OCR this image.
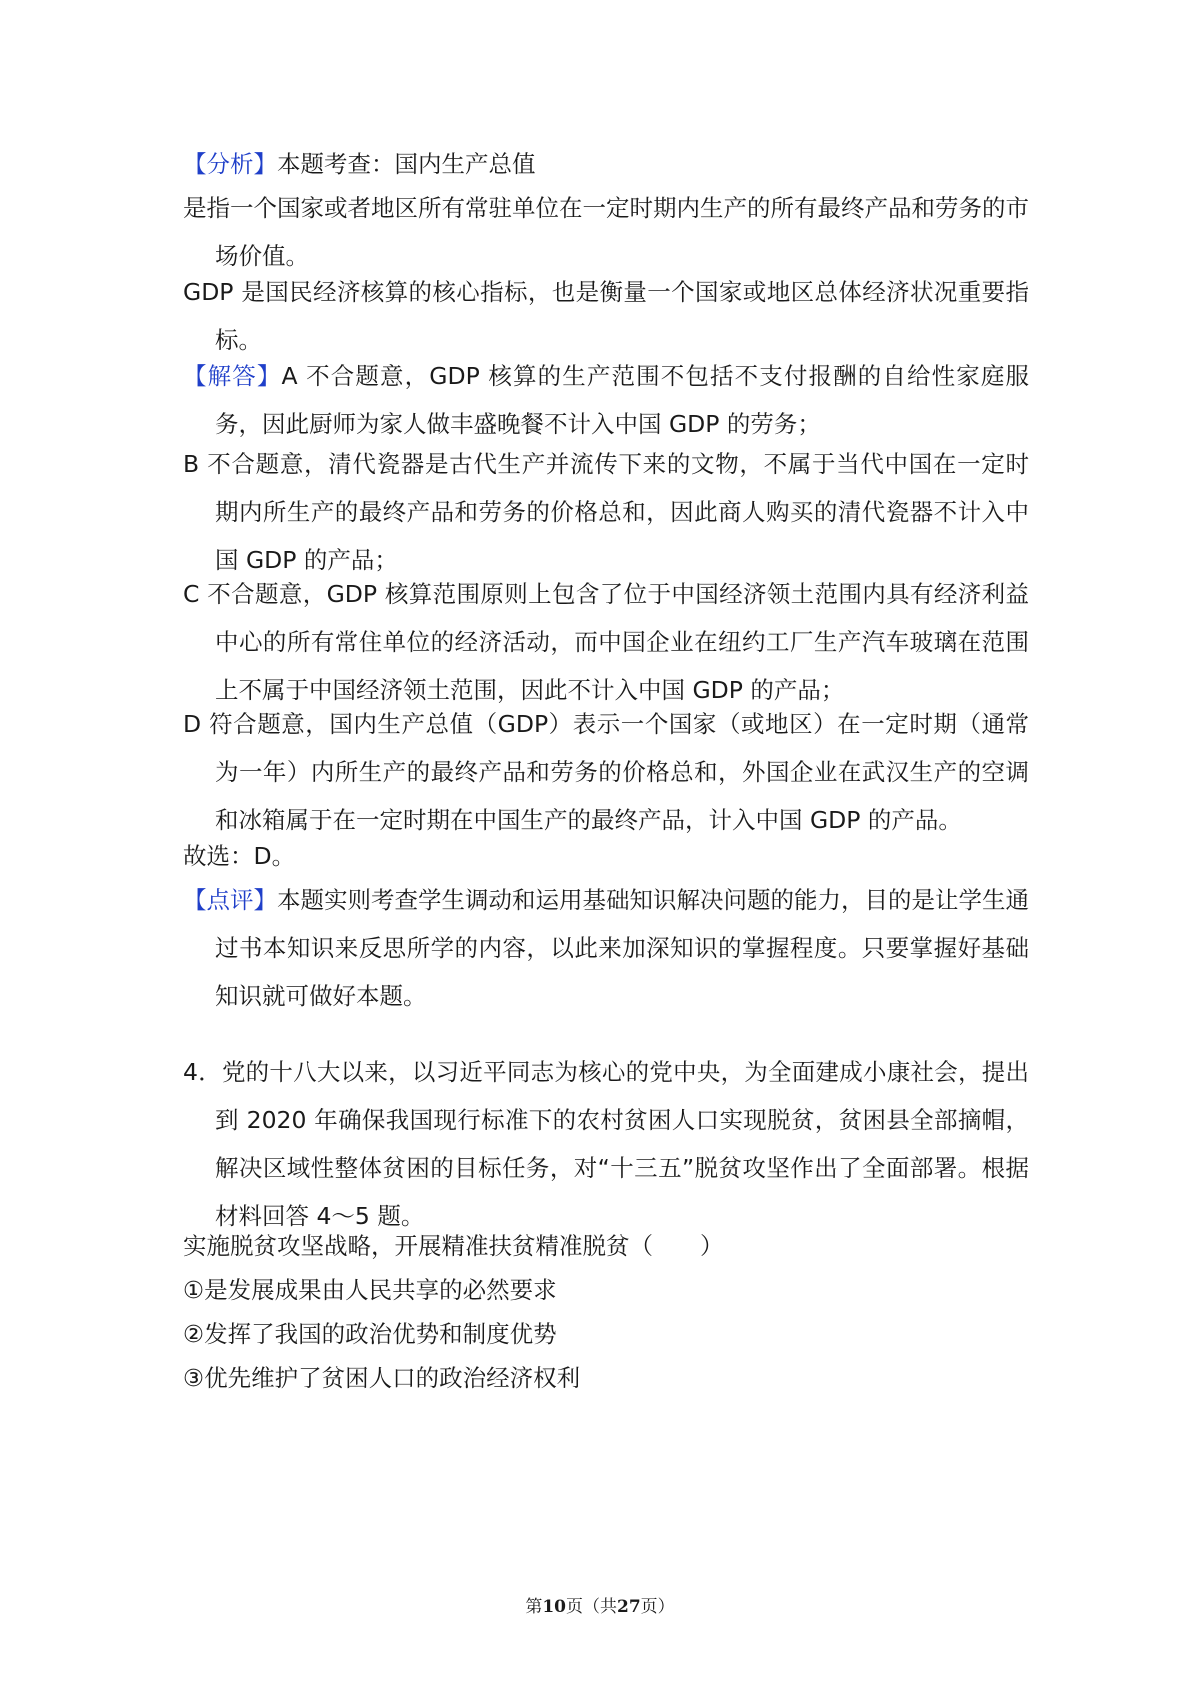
【分析】本题考查：国内生产总值

是指一个国家或者地区所有常驻单位在一定时期内生产的所有最终产品和劳务的市场价值。

GDP 是国民经济核算的核心指标，也是衡量一个国家或地区总体经济状况重要指标。

【解答】A 不合题意，GDP 核算的生产范围不包括不支付报酬的自给性家庭服务，因此厨师为家人做丰盛晚餐不计入中国 GDP 的劳务；

B 不合题意，清代瓷器是古代生产并流传下来的文物，不属于当代中国在一定时期内所生产的最终产品和劳务的价格总和，因此商人购买的清代瓷器不计入中国 GDP 的产品；

C 不合题意，GDP 核算范围原则上包含了位于中国经济领土范围内具有经济利益中心的所有常住单位的经济活动，而中国企业在纽约工厂生产汽车玻璃在范围上不属于中国经济领土范围，因此不计入中国 GDP 的产品；

D 符合题意，国内生产总值（GDP）表示一个国家（或地区）在一定时期（通常为一年）内所生产的最终产品和劳务的价格总和，外国企业在武汉生产的空调和冰箱属于在一定时期在中国生产的最终产品，计入中国 GDP 的产品。

故选：D。

【点评】本题实则考查学生调动和运用基础知识解决问题的能力，目的是让学生通过书本知识来反思所学的内容，以此来加深知识的掌握程度。只要掌握好基础知识就可做好本题。

4．党的十八大以来，以习近平同志为核心的党中央，为全面建成小康社会，提出到 2020 年确保我国现行标准下的农村贫困人口实现脱贫，贫困县全部摘帽，解决区域性整体贫困的目标任务，对“十三五”脱贫攻坚作出了全面部署。根据材料回答 4～5 题。

实施脱贫攻坚战略，开展精准扶贫精准脱贫（　　）

①是发展成果由人民共享的必然要求

②发挥了我国的政治优势和制度优势

③优先维护了贫困人口的政治经济权利

第10页（共27页）
